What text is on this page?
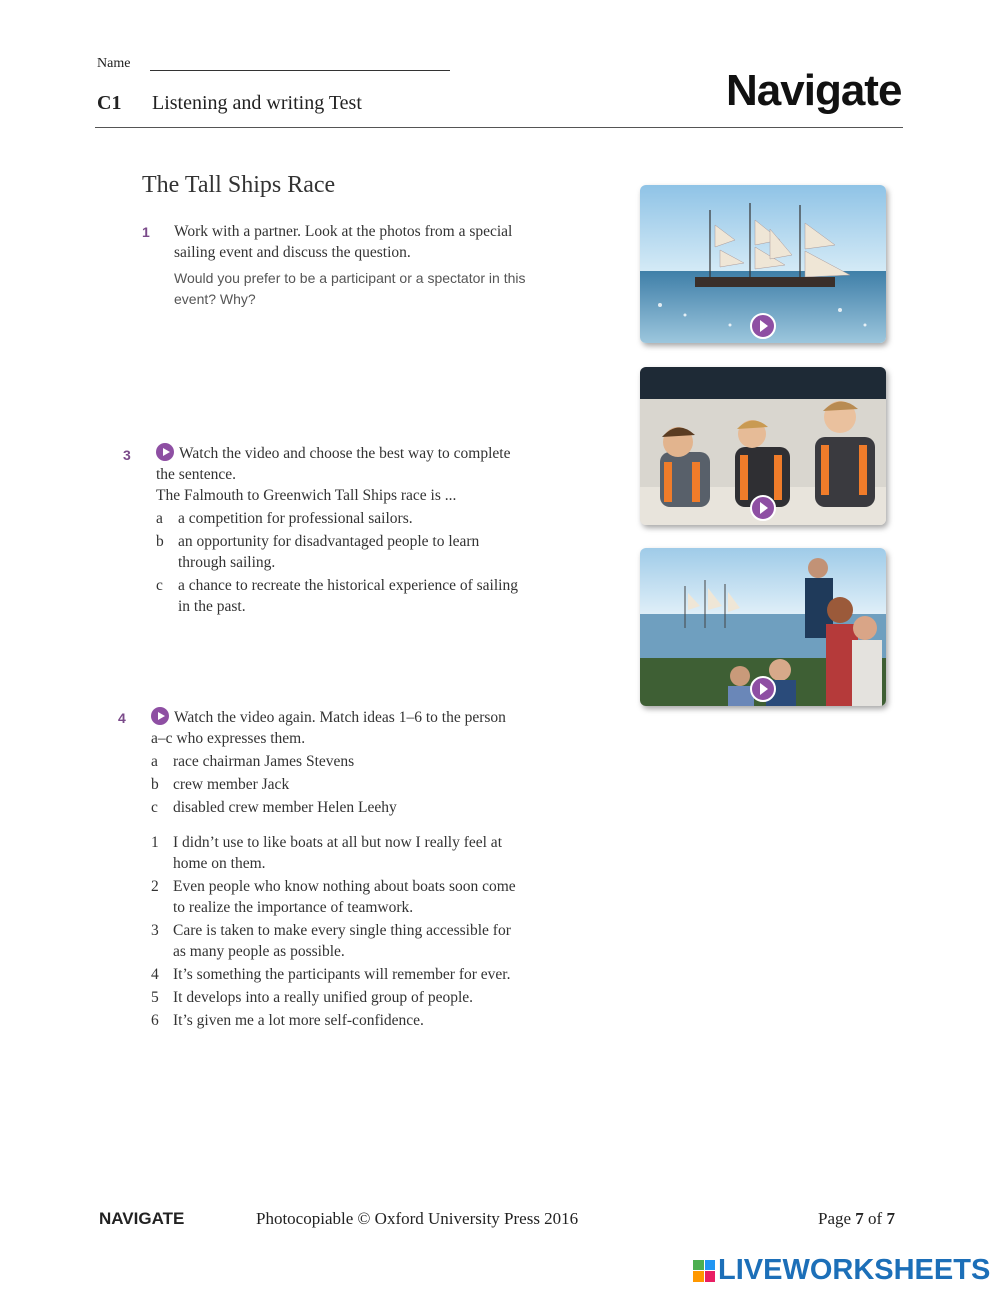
Name
C1 Listening and writing Test	Navigate
The Tall Ships Race
1 Work with a partner. Look at the photos from a special
sailing event and discuss the question.
Would you prefer to be a participant or a spectator in this
event? Why?
3	Watch the video and choose the best way to complete
the sentence.
The Falmouth to Greenwich Tall Ships race is ...
a a competition for professional sailors.
b an opportunity for disadvantaged people to learn
through sailing.
c a chance to recreate the historical experience of sailing
in the past.
4	Watch the video again. Match ideas 1–6 to the person
a–c who expresses them.
a race chairman James Stevens
b crew member Jack
c disabled crew member Helen Leehy
1 I didn’t use to like boats at all but now I really feel at
home on them.
2 Even people who know nothing about boats soon come
to realize the importance of teamwork.
3 Care is taken to make every single thing accessible for
as many people as possible.
4 It’s something the participants will remember for ever.
5 It develops into a really unified group of people.
6 It’s given me a lot more self-confidence.
NAVIGATE	Photocopiable © Oxford University Press 2016	Page 7 of 7
LIVEWORKSHEETS
